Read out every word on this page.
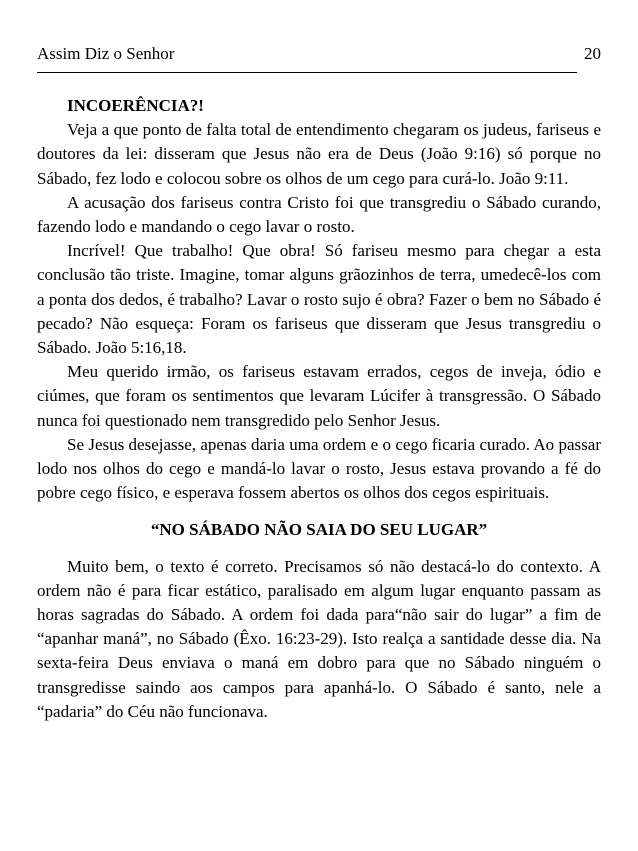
Assim Diz o Senhor	20

INCOERÊNCIA?!

Veja a que ponto de falta total de entendimento chegaram os judeus, fariseus e doutores da lei: disseram que Jesus não era de Deus (João 9:16) só porque no Sábado, fez lodo e colocou sobre os olhos de um cego para curá-lo. João 9:11.

A acusação dos fariseus contra Cristo foi que transgrediu o Sábado curando, fazendo lodo e mandando o cego lavar o rosto.

Incrível! Que trabalho! Que obra! Só fariseu mesmo para chegar a esta conclusão tão triste. Imagine, tomar alguns grãozinhos de terra, umedecê-los com a ponta dos dedos, é trabalho? Lavar o rosto sujo é obra? Fazer o bem no Sábado é pecado? Não esqueça: Foram os fariseus que disseram que Jesus transgrediu o Sábado. João 5:16,18.

Meu querido irmão, os fariseus estavam errados, cegos de inveja, ódio e ciúmes, que foram os sentimentos que levaram Lúcifer à transgressão. O Sábado nunca foi questionado nem transgredido pelo Senhor Jesus.

Se Jesus desejasse, apenas daria uma ordem e o cego ficaria curado. Ao passar lodo nos olhos do cego e mandá-lo lavar o rosto, Jesus estava provando a fé do pobre cego físico, e esperava fossem abertos os olhos dos cegos espirituais.

“NO SÁBADO NÃO SAIA DO SEU LUGAR”

Muito bem, o texto é correto. Precisamos só não destacá-lo do contexto. A ordem não é para ficar estático, paralisado em algum lugar enquanto passam as horas sagradas do Sábado. A ordem foi dada para“não sair do lugar” a fim de “apanhar maná”, no Sábado (Êxo. 16:23-29). Isto realça a santidade desse dia. Na sexta-feira Deus enviava o maná em dobro para que no Sábado ninguém o transgredisse saindo aos campos para apanhá-lo. O Sábado é santo, nele a “padaria” do Céu não funcionava.
